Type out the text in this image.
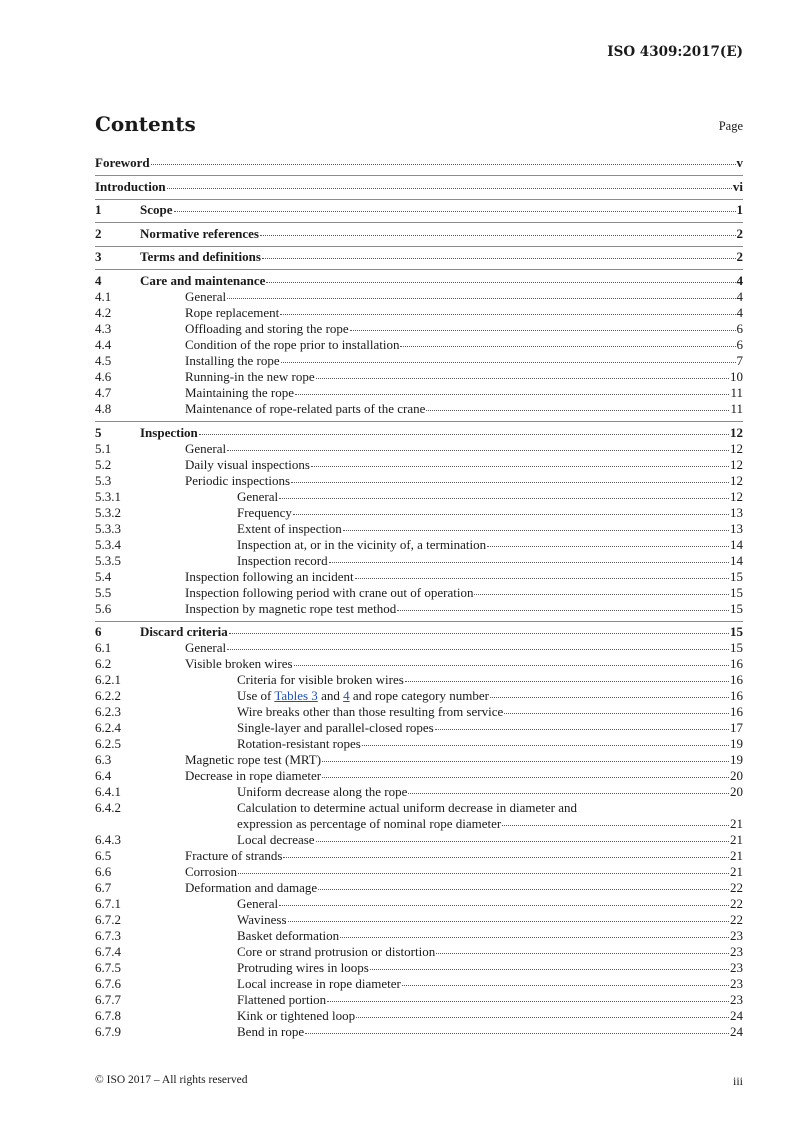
ISO 4309:2017(E)
Contents	Page
Foreword	v
Introduction	vi
1	Scope	1
2	Normative references	2
3	Terms and definitions	2
4	Care and maintenance	4
4.1	General	4
4.2	Rope replacement	4
4.3	Offloading and storing the rope	6
4.4	Condition of the rope prior to installation	6
4.5	Installing the rope	7
4.6	Running-in the new rope	10
4.7	Maintaining the rope	11
4.8	Maintenance of rope-related parts of the crane	11
5	Inspection	12
5.1	General	12
5.2	Daily visual inspections	12
5.3	Periodic inspections	12
5.3.1	General	12
5.3.2	Frequency	13
5.3.3	Extent of inspection	13
5.3.4	Inspection at, or in the vicinity of, a termination	14
5.3.5	Inspection record	14
5.4	Inspection following an incident	15
5.5	Inspection following period with crane out of operation	15
5.6	Inspection by magnetic rope test method	15
6	Discard criteria	15
6.1	General	15
6.2	Visible broken wires	16
6.2.1	Criteria for visible broken wires	16
6.2.2	Use of Tables 3 and 4 and rope category number	16
6.2.3	Wire breaks other than those resulting from service	16
6.2.4	Single-layer and parallel-closed ropes	17
6.2.5	Rotation-resistant ropes	19
6.3	Magnetic rope test (MRT)	19
6.4	Decrease in rope diameter	20
6.4.1	Uniform decrease along the rope	20
6.4.2	Calculation to determine actual uniform decrease in diameter and
expression as percentage of nominal rope diameter	21
6.4.3	Local decrease	21
6.5	Fracture of strands	21
6.6	Corrosion	21
6.7	Deformation and damage	22
6.7.1	General	22
6.7.2	Waviness	22
6.7.3	Basket deformation	23
6.7.4	Core or strand protrusion or distortion	23
6.7.5	Protruding wires in loops	23
6.7.6	Local increase in rope diameter	23
6.7.7	Flattened portion	23
6.7.8	Kink or tightened loop	24
6.7.9	Bend in rope	24
© ISO 2017 – All rights reserved	iii
